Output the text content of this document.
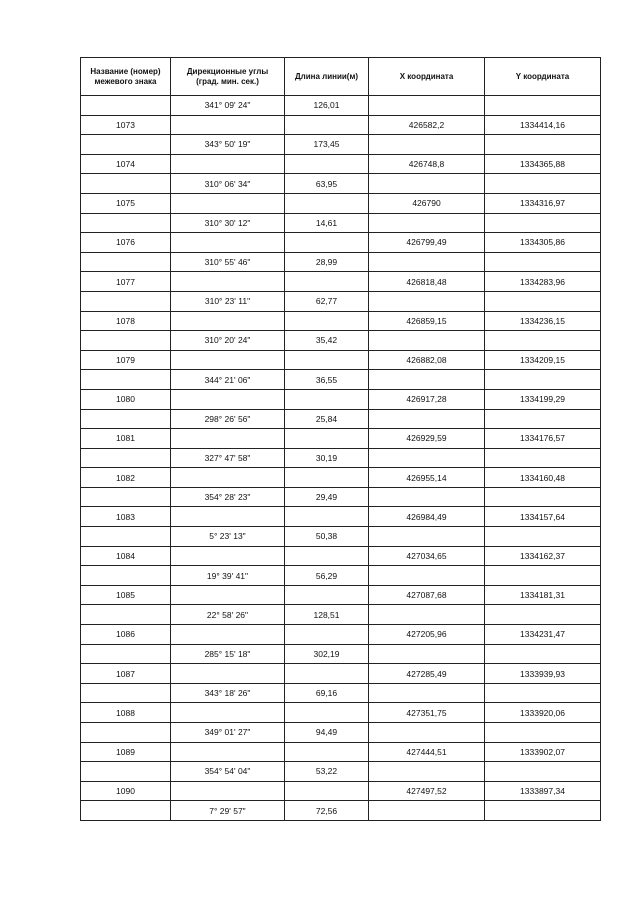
Название (номер) межевого знака	Дирекционные углы (град. мин. сек.)	Длина линии(м)	X координата	Y координата
	341° 09' 24"	126,01		
1073			426582,2	1334414,16
	343° 50' 19"	173,45		
1074			426748,8	1334365,88
	310° 06' 34"	63,95		
1075			426790	1334316,97
	310° 30' 12"	14,61		
1076			426799,49	1334305,86
	310° 55' 46"	28,99		
1077			426818,48	1334283,96
	310° 23' 11"	62,77		
1078			426859,15	1334236,15
	310° 20' 24"	35,42		
1079			426882,08	1334209,15
	344° 21' 06"	36,55		
1080			426917,28	1334199,29
	298° 26' 56"	25,84		
1081			426929,59	1334176,57
	327° 47' 58"	30,19		
1082			426955,14	1334160,48
	354° 28' 23"	29,49		
1083			426984,49	1334157,64
	5° 23' 13"	50,38		
1084			427034,65	1334162,37
	19° 39' 41"	56,29		
1085			427087,68	1334181,31
	22° 58' 26"	128,51		
1086			427205,96	1334231,47
	285° 15' 18"	302,19		
1087			427285,49	1333939,93
	343° 18' 26"	69,16		
1088			427351,75	1333920,06
	349° 01' 27"	94,49		
1089			427444,51	1333902,07
	354° 54' 04"	53,22		
1090			427497,52	1333897,34
	7° 29' 57"	72,56		
